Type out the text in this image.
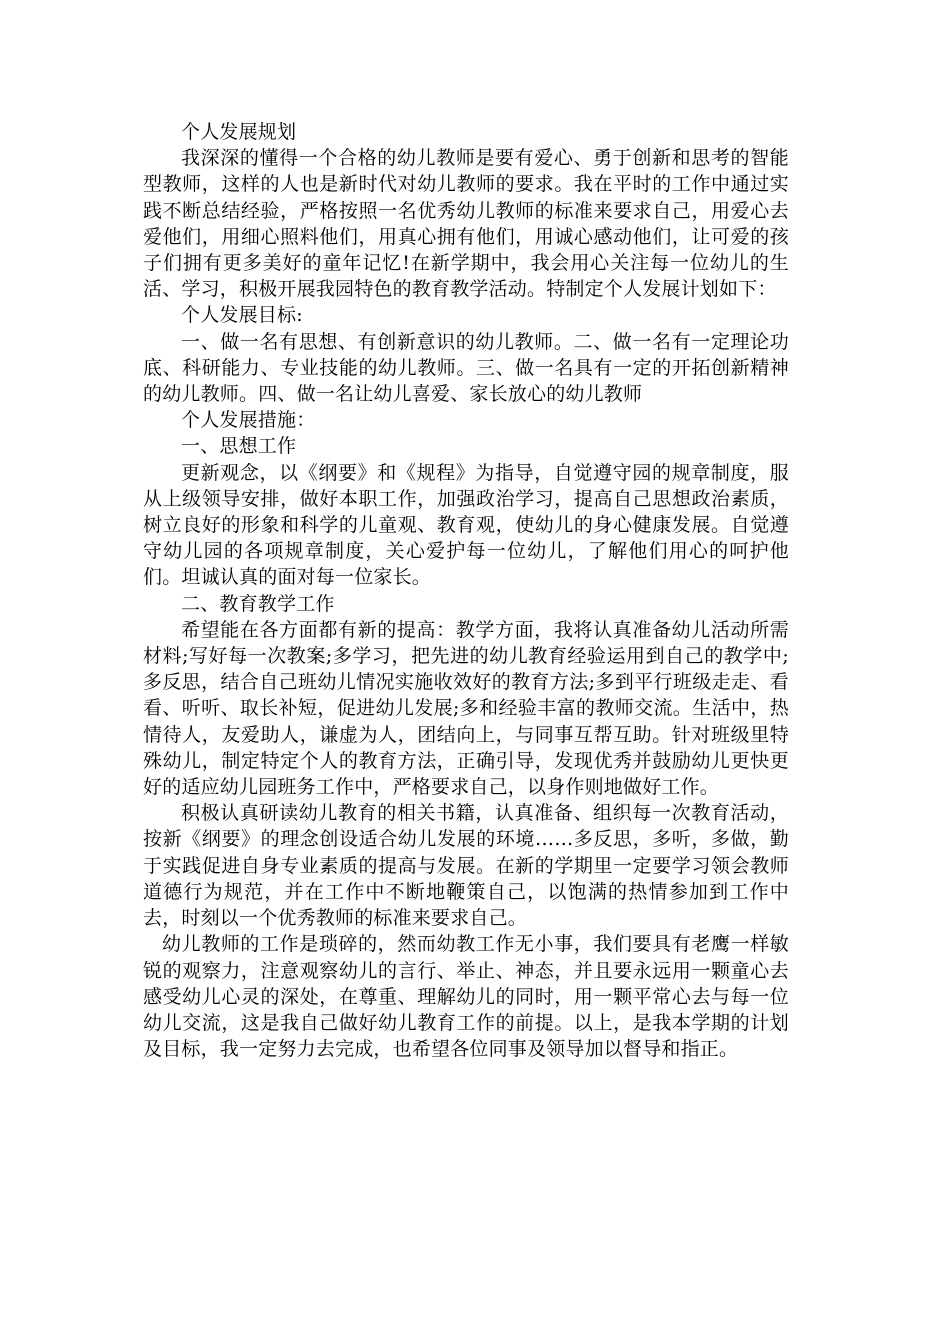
个人发展规划

我深深的懂得一个合格的幼儿教师是要有爱心、勇于创新和思考的智能型教师，这样的人也是新时代对幼儿教师的要求。我在平时的工作中通过实践不断总结经验，严格按照一名优秀幼儿教师的标准来要求自己，用爱心去爱他们，用细心照料他们，用真心拥有他们，用诚心感动他们，让可爱的孩子们拥有更多美好的童年记忆!在新学期中，我会用心关注每一位幼儿的生活、学习，积极开展我园特色的教育教学活动。特制定个人发展计划如下：

个人发展目标:

一、做一名有思想、有创新意识的幼儿教师。二、做一名有一定理论功底、科研能力、专业技能的幼儿教师。三、做一名具有一定的开拓创新精神的幼儿教师。四、做一名让幼儿喜爱、家长放心的幼儿教师

个人发展措施：

一、思想工作

更新观念，以《纲要》和《规程》为指导，自觉遵守园的规章制度，服从上级领导安排，做好本职工作，加强政治学习，提高自己思想政治素质，树立良好的形象和科学的儿童观、教育观，使幼儿的身心健康发展。自觉遵守幼儿园的各项规章制度，关心爱护每一位幼儿，了解他们用心的呵护他们。坦诚认真的面对每一位家长。

二、教育教学工作

希望能在各方面都有新的提高：教学方面，我将认真准备幼儿活动所需材料;写好每一次教案;多学习，把先进的幼儿教育经验运用到自己的教学中;多反思，结合自己班幼儿情况实施收效好的教育方法;多到平行班级走走、看看、听听、取长补短，促进幼儿发展;多和经验丰富的教师交流。生活中，热情待人，友爱助人，谦虚为人，团结向上，与同事互帮互助。针对班级里特殊幼儿，制定特定个人的教育方法，正确引导，发现优秀并鼓励幼儿更快更好的适应幼儿园班务工作中，严格要求自己，以身作则地做好工作。

积极认真研读幼儿教育的相关书籍，认真准备、组织每一次教育活动，按新《纲要》的理念创设适合幼儿发展的环境……多反思，多听，多做，勤于实践促进自身专业素质的提高与发展。在新的学期里一定要学习领会教师道德行为规范，并在工作中不断地鞭策自己，以饱满的热情参加到工作中去，时刻以一个优秀教师的标准来要求自己。

幼儿教师的工作是琐碎的，然而幼教工作无小事，我们要具有老鹰一样敏锐的观察力，注意观察幼儿的言行、举止、神态，并且要永远用一颗童心去感受幼儿心灵的深处，在尊重、理解幼儿的同时，用一颗平常心去与每一位幼儿交流，这是我自己做好幼儿教育工作的前提。以上，是我本学期的计划及目标，我一定努力去完成，也希望各位同事及领导加以督导和指正。
